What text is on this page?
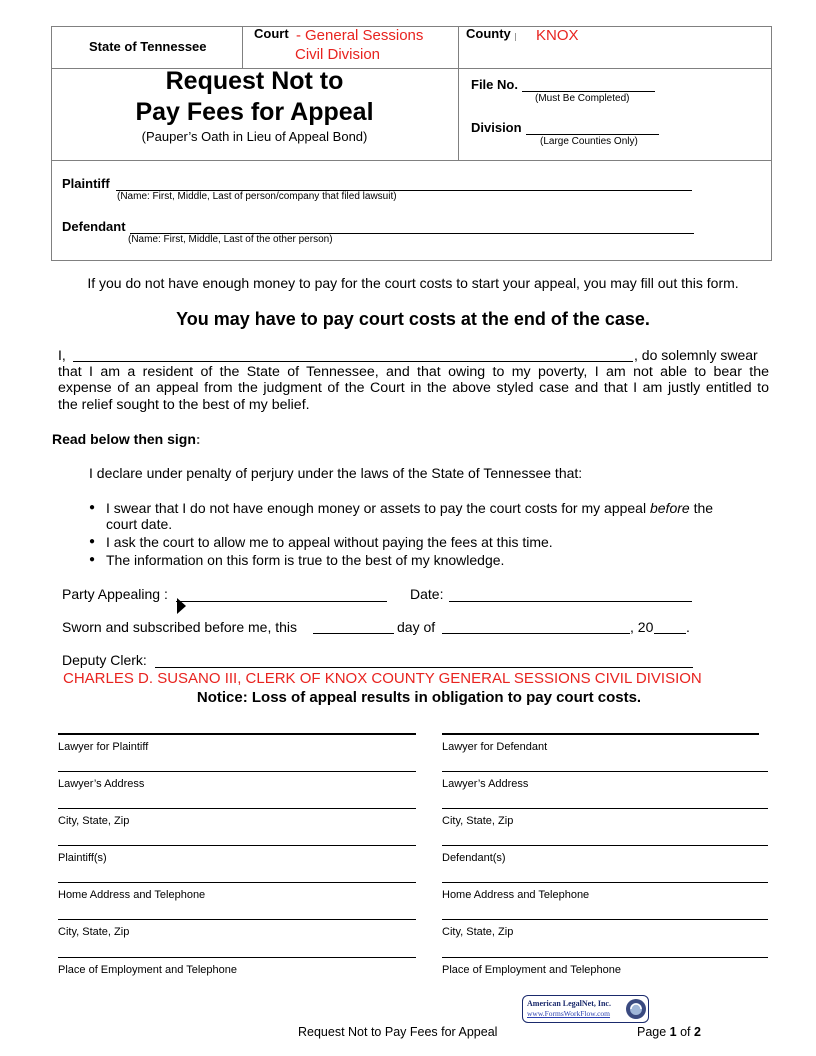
State of Tennessee
Court - General Sessions
Civil Division
County KNOX
Request Not to
Pay Fees for Appeal
(Pauper’s Oath in Lieu of Appeal Bond)
File No.
(Must Be Completed)
Division
(Large Counties Only)
Plaintiff
(Name: First, Middle, Last of person/company that filed lawsuit)
Defendant
(Name: First, Middle, Last of the other person)
If you do not have enough money to pay for the court costs to start your appeal, you may fill out this form.
You may have to pay court costs at the end of the case.
I,	, do solemnly swear
that I am a resident of the State of Tennessee, and that owing to my poverty, I am not able to bear the
expense of an appeal from the judgment of the Court in the above styled case and that I am justly entitled to
the relief sought to the best of my belief.
Read below then sign:
I declare under penalty of perjury under the laws of the State of Tennessee that:
● I swear that I do not have enough money or assets to pay the court costs for my appeal before the
court date.
● I ask the court to allow me to appeal without paying the fees at this time.
● The information on this form is true to the best of my knowledge.
Party Appealing :	Date:
Sworn and subscribed before me, this	day of	, 20 .
Deputy Clerk:
CHARLES D. SUSANO III, CLERK OF KNOX COUNTY GENERAL SESSIONS CIVIL DIVISION
Notice: Loss of appeal results in obligation to pay court costs.
Lawyer for Plaintiff	Lawyer for Defendant
Lawyer’s Address	Lawyer’s Address
City, State, Zip	City, State, Zip
Plaintiff(s)	Defendant(s)
Home Address and Telephone	Home Address and Telephone
City, State, Zip	City, State, Zip
Place of Employment and Telephone	Place of Employment and Telephone
American LegalNet, Inc.
www.FormsWorkFlow.com
Request Not to Pay Fees for Appeal	Page 1 of 2
